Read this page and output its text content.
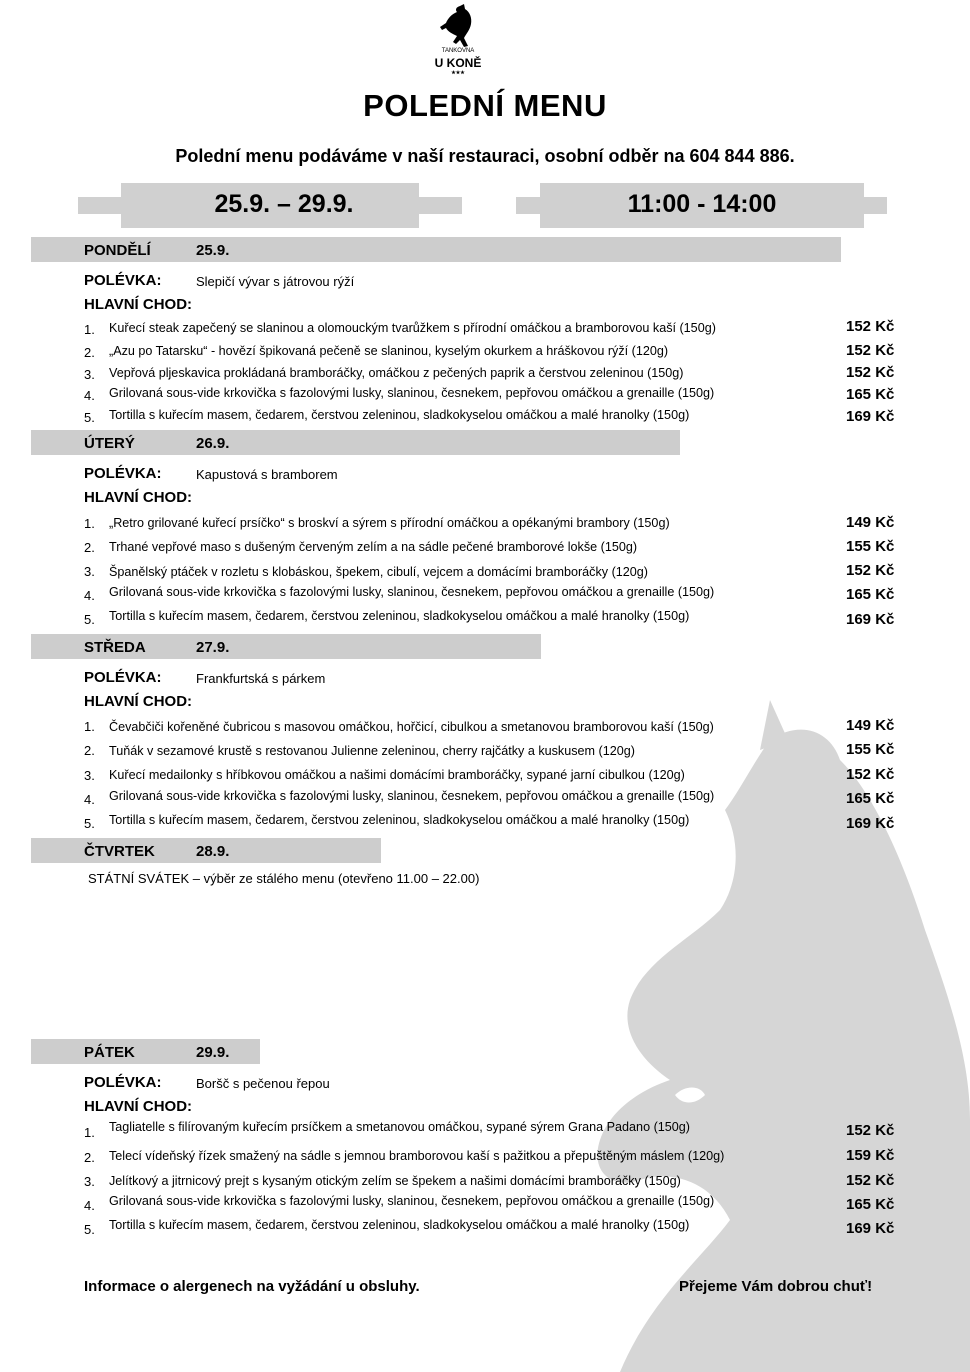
TANKOVNA
U KONĚ
★★★
POLEDNÍ MENU
Polední menu podáváme v naší restauraci, osobní odběr na 604 844 886.
25.9. – 29.9.	11:00 - 14:00
PONDĚLÍ	25.9.
POLÉVKA:	Slepičí vývar s játrovou rýží
HLAVNÍ CHOD:
1. Kuřecí steak zapečený se slaninou a olomouckým tvarůžkem s přírodní omáčkou a bramborovou kaší (150g)	152 Kč
2. „Azu po Tatarsku“ - hovězí špikovaná pečeně se slaninou, kyselým okurkem a hráškovou rýží (120g)	152 Kč
3. Vepřová pljeskavica prokládaná bramboráčky, omáčkou z pečených paprik a čerstvou zeleninou (150g)	152 Kč
4. Grilovaná sous-vide krkovička s fazolovými lusky, slaninou, česnekem, pepřovou omáčkou a grenaille (150g)	165 Kč
5. Tortilla s kuřecím masem, čedarem, čerstvou zeleninou, sladkokyselou omáčkou a malé hranolky (150g)	169 Kč
ÚTERÝ	26.9.
POLÉVKA:	Kapustová s bramborem
HLAVNÍ CHOD:
1. „Retro grilované kuřecí prsíčko“ s broskví a sýrem s přírodní omáčkou a opékanými brambory (150g)	149 Kč
2. Trhané vepřové maso s dušeným červeným zelím a na sádle pečené bramborové lokše (150g)	155 Kč
3. Španělský ptáček v rozletu s klobáskou, špekem, cibulí, vejcem a domácími bramboráčky (120g)	152 Kč
4. Grilovaná sous-vide krkovička s fazolovými lusky, slaninou, česnekem, pepřovou omáčkou a grenaille (150g)	165 Kč
5. Tortilla s kuřecím masem, čedarem, čerstvou zeleninou, sladkokyselou omáčkou a malé hranolky (150g)	169 Kč
STŘEDA	27.9.
POLÉVKA:	Frankfurtská s párkem
HLAVNÍ CHOD:
1. Čevabčiči kořeněné čubricou s masovou omáčkou, hořčicí, cibulkou a smetanovou bramborovou kaší (150g)	149 Kč
2. Tuňák v sezamové krustě s restovanou Julienne zeleninou, cherry rajčátky a kuskusem (120g)	155 Kč
3. Kuřecí medailonky s hříbkovou omáčkou a našimi domácími bramboráčky, sypané jarní cibulkou (120g)	152 Kč
4. Grilovaná sous-vide krkovička s fazolovými lusky, slaninou, česnekem, pepřovou omáčkou a grenaille (150g)	165 Kč
5. Tortilla s kuřecím masem, čedarem, čerstvou zeleninou, sladkokyselou omáčkou a malé hranolky (150g)	169 Kč
ČTVRTEK	28.9.
STÁTNÍ SVÁTEK – výběr ze stálého menu (otevřeno 11.00 – 22.00)
PÁTEK	29.9.
POLÉVKA:	Boršč s pečenou řepou
HLAVNÍ CHOD:
1. Tagliatelle s filírovaným kuřecím prsíčkem a smetanovou omáčkou, sypané sýrem Grana Padano (150g)	152 Kč
2. Telecí vídeňský řízek smažený na sádle s jemnou bramborovou kaší s pažitkou a přepuštěným máslem (120g)	159 Kč
3. Jelítkový a jitrnicový prejt s kysaným otickým zelím se špekem a našimi domácími bramboráčky (150g)	152 Kč
4. Grilovaná sous-vide krkovička s fazolovými lusky, slaninou, česnekem, pepřovou omáčkou a grenaille (150g)	165 Kč
5. Tortilla s kuřecím masem, čedarem, čerstvou zeleninou, sladkokyselou omáčkou a malé hranolky (150g)	169 Kč
Informace o alergenech na vyžádání u obsluhy.	Přejeme Vám dobrou chuť!
